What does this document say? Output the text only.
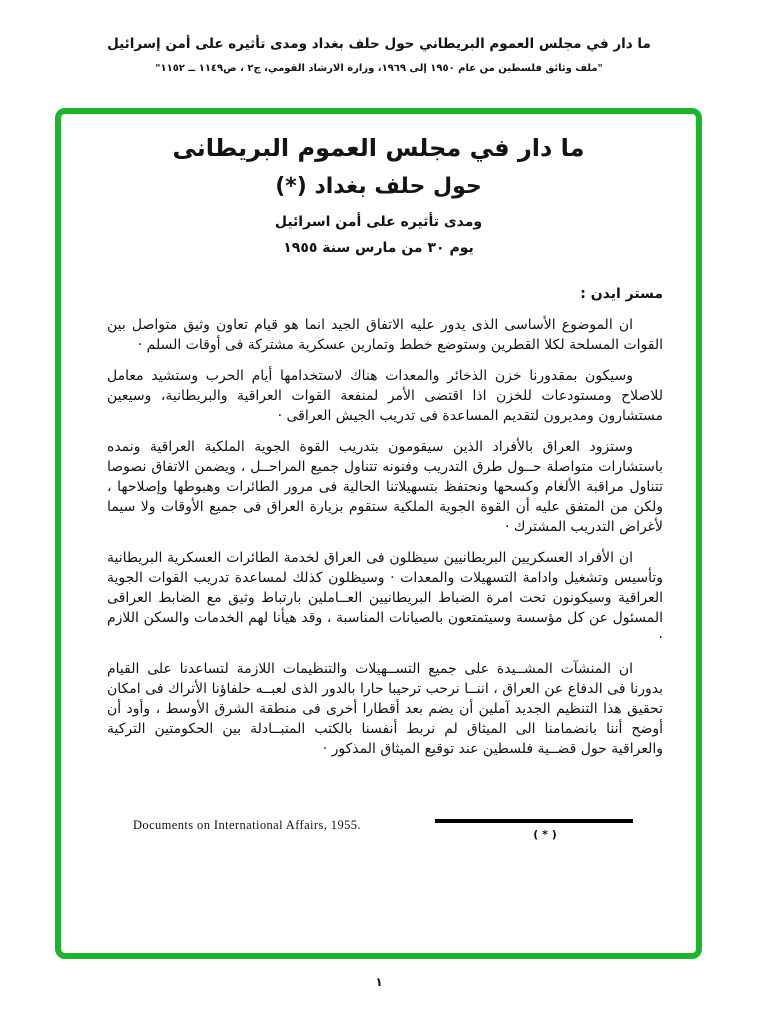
ما دار في مجلس العموم البريطاني حول حلف بغداد ومدى تأثيره على أمن إسرائيل
"ملف وثائق فلسطين من عام ١٩٥٠ إلى ١٩٦٩، وزارة الارشاد القومي، ج٢ ، ص١١٤٩ ــ ١١٥٢"
ما دار في مجلس العموم البريطانى
حول حلف بغداد (*)
ومدى تأثيره على أمن اسرائيل
يوم ٣٠ من مارس سنة ١٩٥٥
مستر ايدن :

ان الموضوع الأساسى الذى يدور عليه الاتفاق الجيد انما هو قيام تعاون وثيق متواصل بين القوات المسلحة لكلا القطرين وستوضع خطط وتمارين عسكرية مشتركة فى أوقات السلم ·

وسيكون بمقدورنا خزن الذخائر والمعدات هناك لاستخدامها أيام الحرب وستشيد معامل للاصلاح ومستودعات للخزن اذا اقتضى الأمر لمنفعة القوات العراقية والبريطانية، وسيعين مستشارون ومديرون لتقديم المساعدة فى تدريب الجيش العراقى ·

وستزود العراق بالأفراد الذين سيقومون بتدريب القوة الجوية الملكية العراقية ونمده باستشارات متواصلة حــول طرق التدريب وفنونه تتناول جميع المراحــل ، ويضمن الاتفاق نصوصا تتناول مراقبة الألغام وكسحها ونحتفظ بتسهيلاتنا الحالية فى مرور الطائرات وهبوطها وإصلاحها ، ولكن من المتفق عليه أن القوة الجوية الملكية ستقوم بزيارة العراق فى جميع الأوقات ولا سيما لأغراض التدريب المشترك ·

ان الأفراد العسكريين البريطانيين سيظلون فى العراق لخدمة الطائرات العسكرية البريطانية وتأسيس وتشغيل وادامة التسهيلات والمعدات · وسيظلون كذلك لمساعدة تدريب القوات الجوية العراقية وسيكونون تحت امرة الضباط البريطانيين العــاملين بارتباط وثيق مع الضابط العراقى المسئول عن كل مؤسسة وسيتمتعون بالصيانات المناسبة ، وقد هيأنا لهم الخدمات والسكن اللازم ·

ان المنشآت المشــيدة على جميع التســهيلات والتنظيمات اللازمة لتساعدنا على القيام بدورنا فى الدفاع عن العراق ، اننــا نرحب ترحيبا حارا بالدور الذى لعبــه حلفاؤنا الأتراك فى امكان تحقيق هذا التنظيم الجديد آملين أن يضم بعد أقطارا أخرى فى منطقة الشرق الأوسط ، وأود أن أوضح أننا بانضمامنا الى الميثاق لم نربط أنفسنا بالكتب المتبــادلة بين الحكومتين التركية والعراقية حول قضــية فلسطين عند توقيع الميثاق المذكور ·

Documents on International Affairs, 1955.
( * )
١
